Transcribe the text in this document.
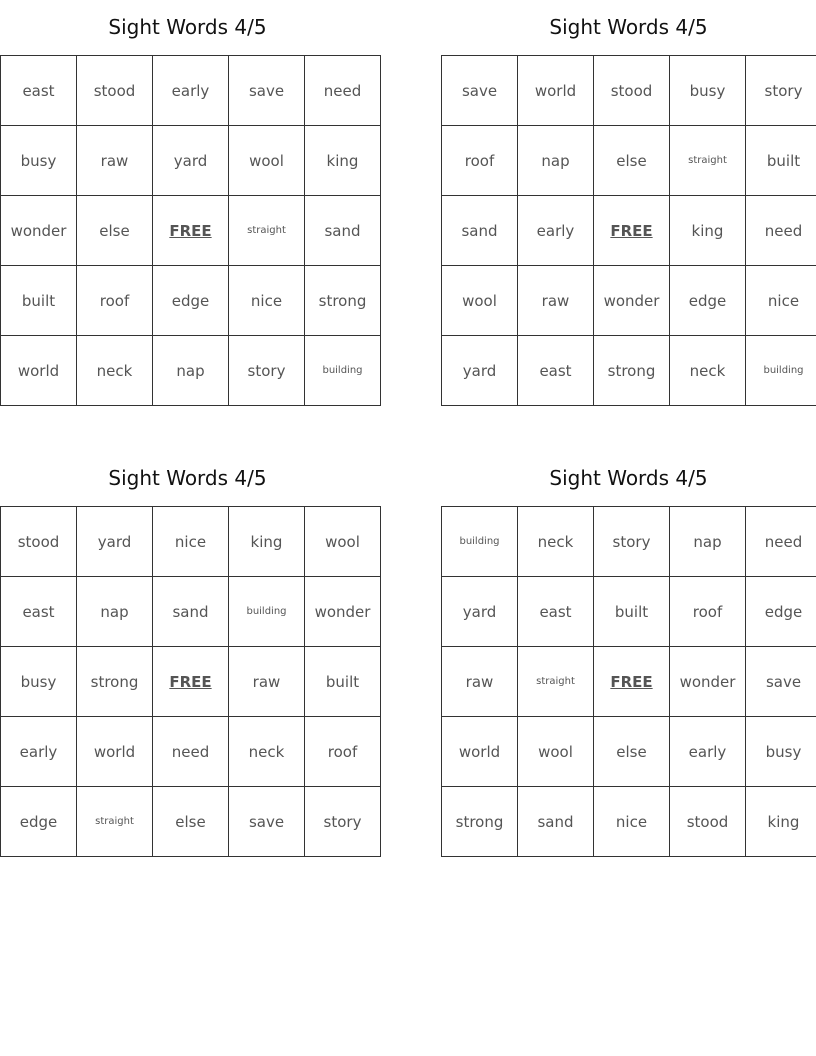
Sight Words 4/5
east	stood	early	save	need
busy	raw	yard	wool	king
wonder	else	FREE	straight	sand
built	roof	edge	nice	strong
world	neck	nap	story	building
Sight Words 4/5
save	world	stood	busy	story
roof	nap	else	straight	built
sand	early	FREE	king	need
wool	raw	wonder	edge	nice
yard	east	strong	neck	building
Sight Words 4/5
stood	yard	nice	king	wool
east	nap	sand	building	wonder
busy	strong	FREE	raw	built
early	world	need	neck	roof
edge	straight	else	save	story
Sight Words 4/5
building	neck	story	nap	need
yard	east	built	roof	edge
raw	straight	FREE	wonder	save
world	wool	else	early	busy
strong	sand	nice	stood	king
